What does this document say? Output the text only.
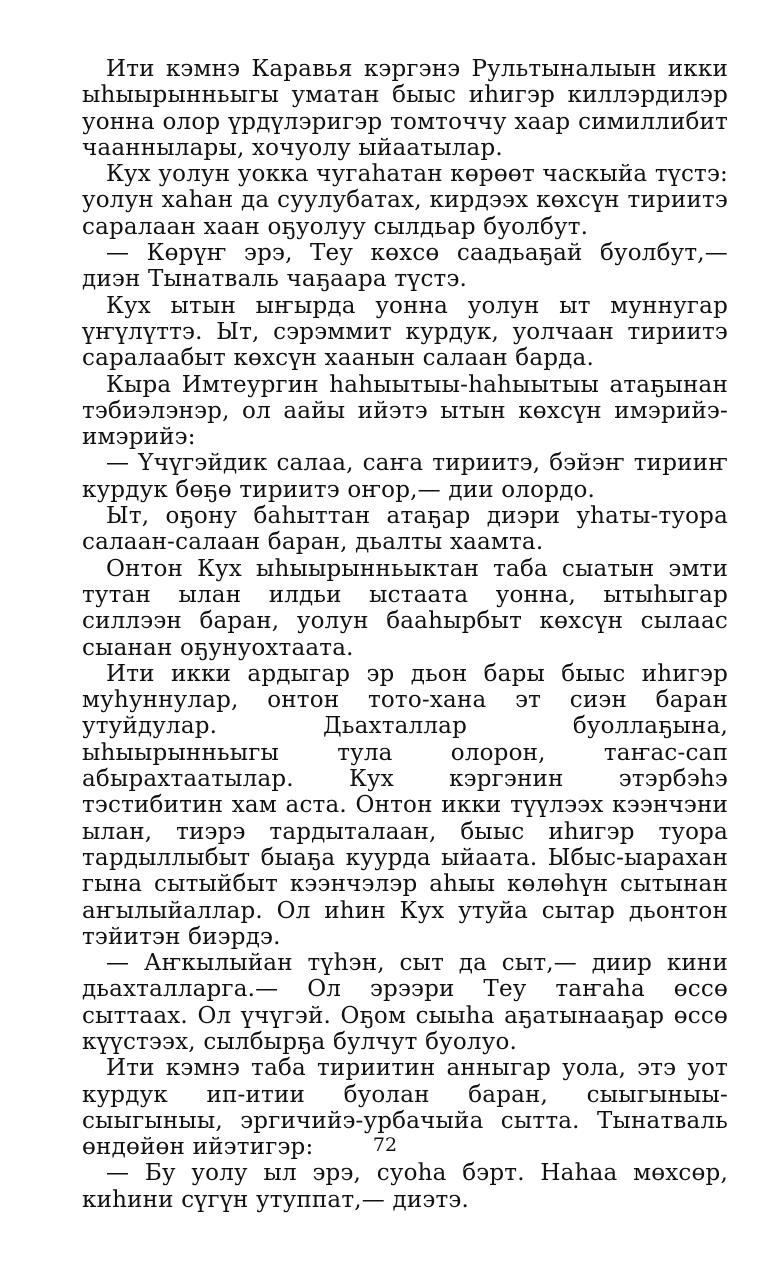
Ити кэмнэ Каравья кэргэнэ Рультыналыын икки ыһыырынньыгы уматан быыс иһигэр киллэрдилэр уонна олор үрдүлэригэр томточчу хаар симиллибит чааннылары, хочуолу ыйаатылар.

Кух уолун уокка чугаһатан көрөөт часкыйа түстэ: уолун хаһан да суулубатах, кирдээх көхсүн тириитэ саралаан хаан оҕуолуу сылдьар буолбут.

— Көрүҥ эрэ, Теу көхсө саадьаҕай буолбут,— диэн Тынатваль чаҕаара түстэ.

Кух ытын ыҥырда уонна уолун ыт муннугар үҥүлүттэ. Ыт, сэрэммит курдук, уолчаан тириитэ саралаабыт көхсүн хаанын салаан барда.

Кыра Имтеургин һаһыытыы-һаһыытыы атаҕынан тэбиэлэнэр, ол аайы ийэтэ ытын көхсүн имэрийэ-имэрийэ:

— Үчүгэйдик салаа, саҥа тириитэ, бэйэҥ тирииҥ курдук бөҕө тириитэ оҥор,— дии олордо.

Ыт, оҕону баһыттан атаҕар диэри уһаты-туора салаан-салаан баран, дьалты хаамта.

Онтон Кух ыһыырынньыктан таба сыатын эмти тутан ылан илдьи ыстаата уонна, ытыһыгар силлээн баран, уолун бааһырбыт көхсүн сылаас сыанан оҕунуохтаата.

Ити икки ардыгар эр дьон бары быыс иһигэр муһуннулар, онтон тото-хана эт сиэн баран утуйдулар. Дьахталлар буоллаҕына, ыһыырынньыгы тула олорон, таҥас-сап абырахтаатылар. Кух кэргэнин этэрбэһэ тэстибитин хам аста. Онтон икки түүлээх кээнчэни ылан, тиэрэ тардыталаан, быыс иһигэр туора тардыллыбыт быаҕа куурда ыйаата. Ыбыс-ыарахан гына сытыйбыт кээнчэлэр аһыы көлөһүн сытынан аҥылыйаллар. Ол иһин Кух утуйа сытар дьонтон тэйитэн биэрдэ.

— Аҥкылыйан түһэн, сыт да сыт,— диир кини дьахталларга.— Ол эрээри Теу таҥаһа өссө сыттаах. Ол үчүгэй. Оҕом сыыһа аҕатынааҕар өссө күүстээх, сылбырҕа булчут буолуо.

Ити кэмнэ таба тириитин анныгар уола, этэ уот курдук ип-итии буолан баран, сыыгыныы-сыыгыныы, эргичийэ-урбачыйа сытта. Тынатваль өндөйөн ийэтигэр:

— Бу уолу ыл эрэ, суоһа бэрт. Наһаа мөхсөр, киһини сүгүн утуппат,— диэтэ.

72
